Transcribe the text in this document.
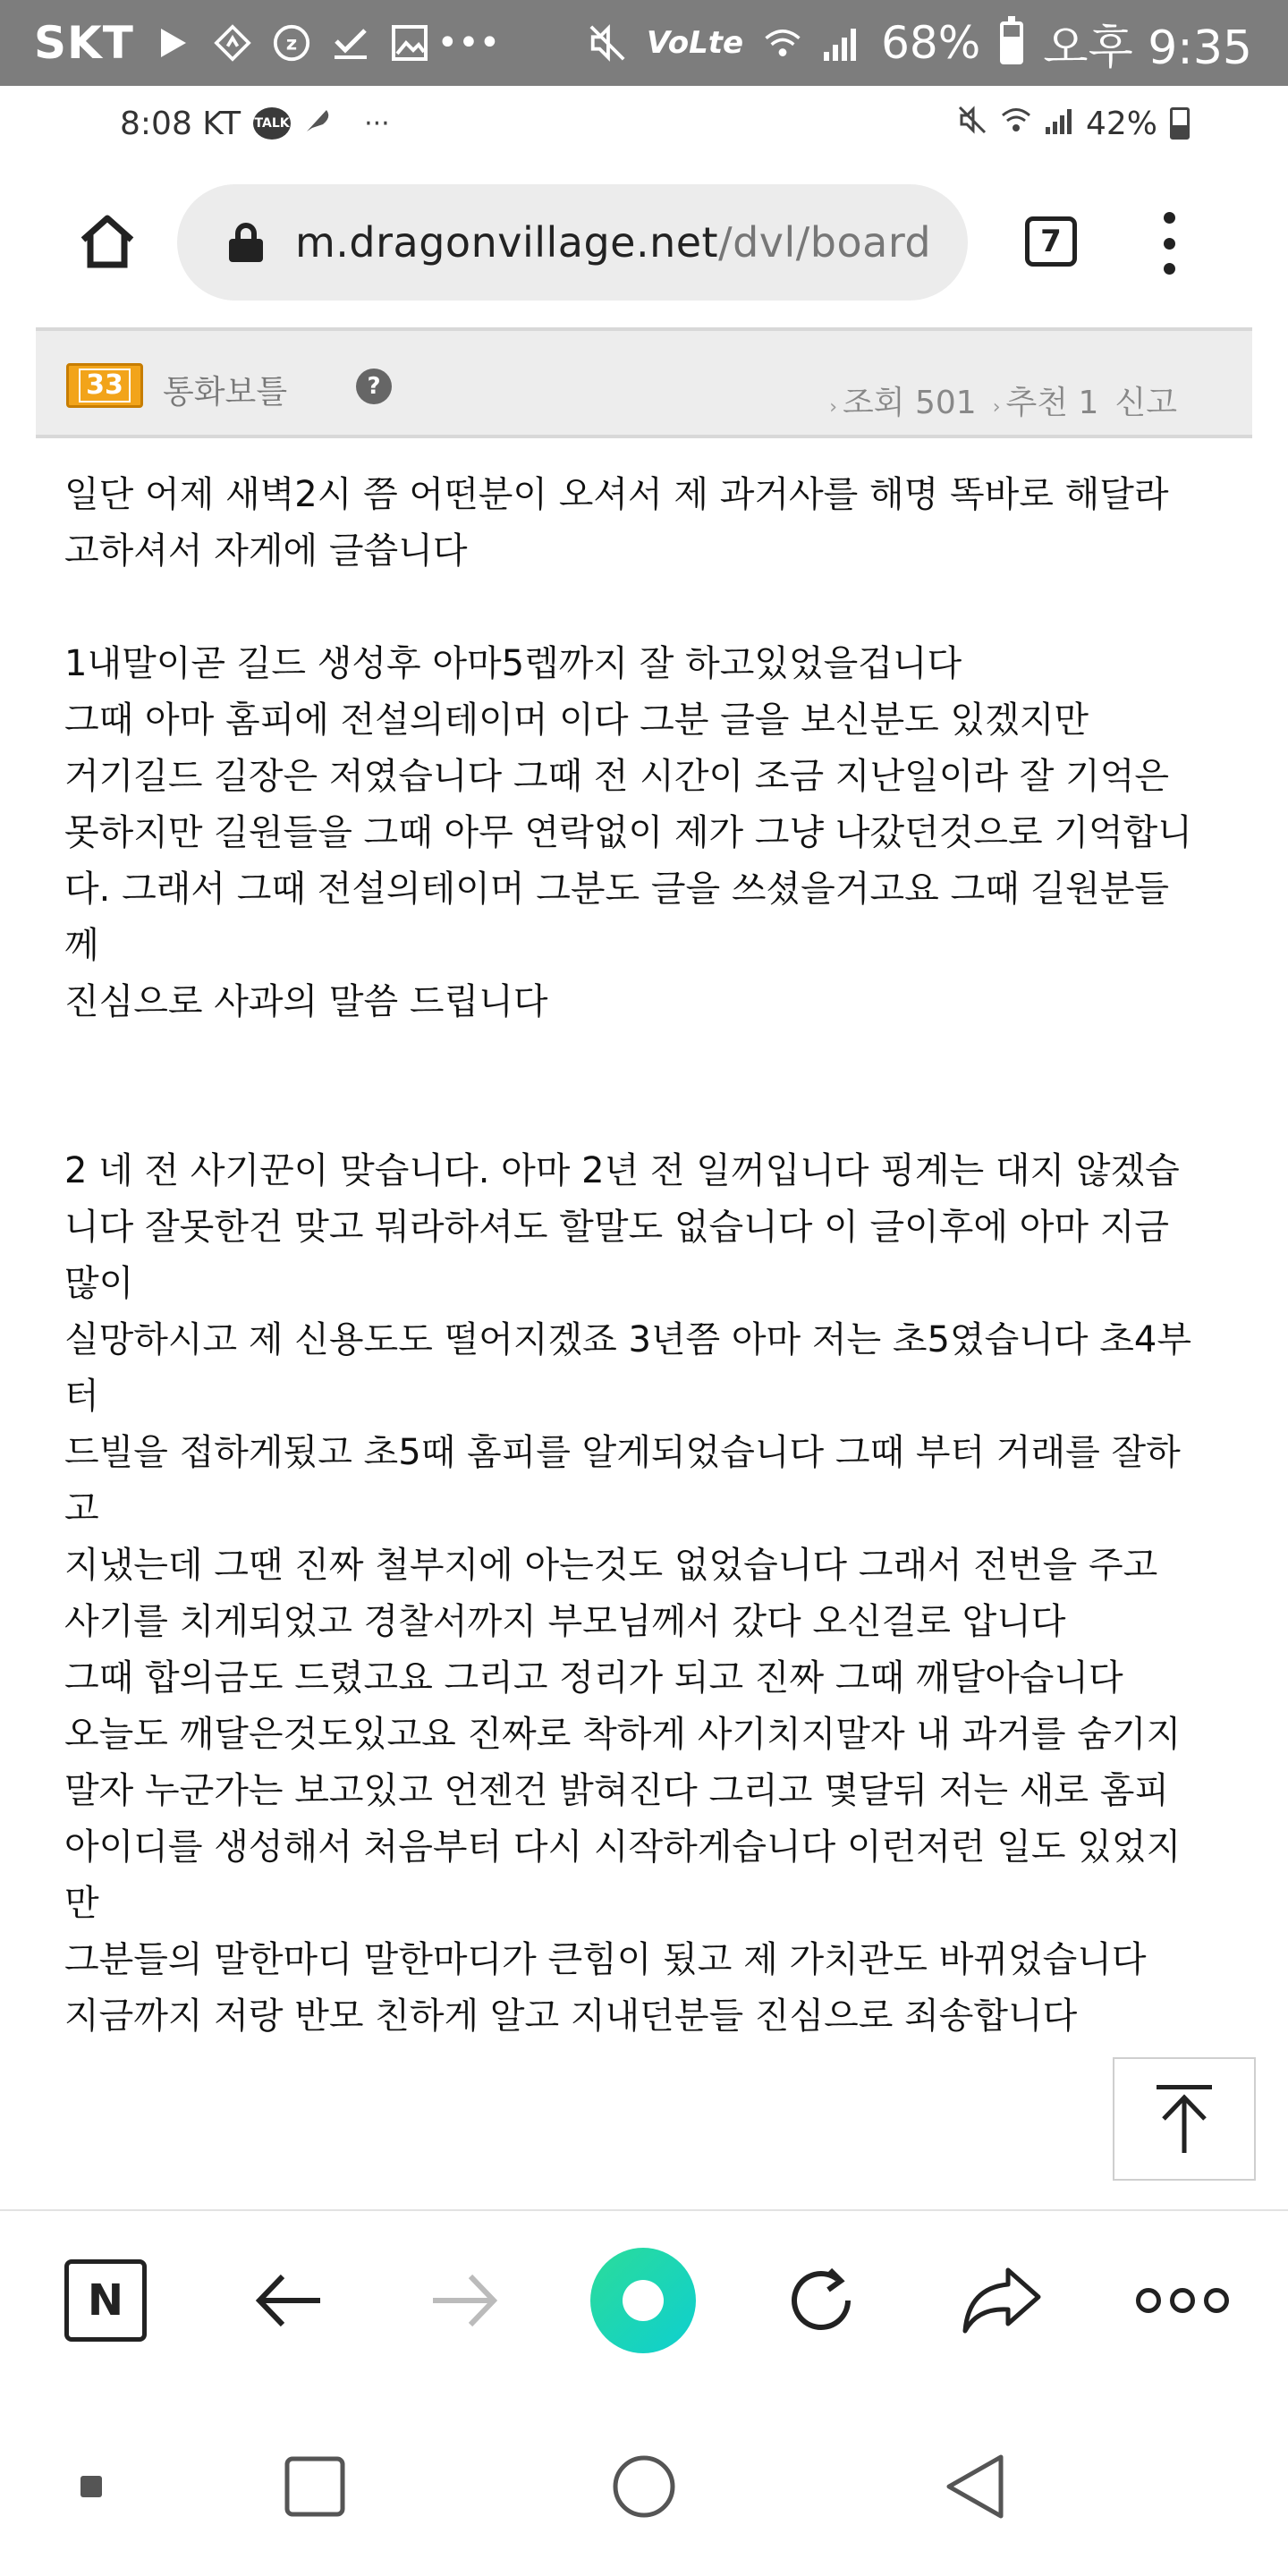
SKT	z	•••	VoLte	68% 오후 9:35
8:08 KT TALK	···	42%
m.dragonvillage.net /dvl/board	7
33 통화보틀	?
› 조회 501 › 추천 1 신고

일단 어제 새벽2시 쯤 어떤분이 오셔서 제 과거사를 해명 똑바로 해달라

고하셔서 자게에 글씁니다

1내말이곧 길드 생성후 아마5렙까지 잘 하고있었을겁니다

그때 아마 홈피에 전설의테이머 이다 그분 글을 보신분도 있겠지만

거기길드 길장은 저였습니다 그때 전 시간이 조금 지난일이라 잘 기억은

못하지만 길원들을 그때 아무 연락없이 제가 그냥 나갔던것으로 기억합니

다. 그래서 그때 전설의테이머 그분도 글을 쓰셨을거고요 그때 길원분들

께

진심으로 사과의 말씀 드립니다

2 네 전 사기꾼이 맞습니다. 아마 2년 전 일꺼입니다 핑계는 대지 않겠습

니다 잘못한건 맞고 뭐라하셔도 할말도 없습니다 이 글이후에 아마 지금

많이

실망하시고 제 신용도도 떨어지겠죠 3년쯤 아마 저는 초5였습니다 초4부

터

드빌을 접하게됬고 초5때 홈피를 알게되었습니다 그때 부터 거래를 잘하

고

지냈는데 그땐 진짜 철부지에 아는것도 없었습니다 그래서 전번을 주고

사기를 치게되었고 경찰서까지 부모님께서 갔다 오신걸로 압니다

그때 합의금도 드렸고요 그리고 정리가 되고 진짜 그때 깨달아습니다

오늘도 깨달은것도있고요 진짜로 착하게 사기치지말자 내 과거를 숨기지

말자 누군가는 보고있고 언젠건 밝혀진다 그리고 몇달뒤 저는 새로 홈피

아이디를 생성해서 처음부터 다시 시작하게습니다 이런저런 일도 있었지

만

그분들의 말한마디 말한마디가 큰힘이 됬고 제 가치관도 바뀌었습니다

지금까지 저랑 반모 친하게 알고 지내던분들 진심으로 죄송합니다

N
